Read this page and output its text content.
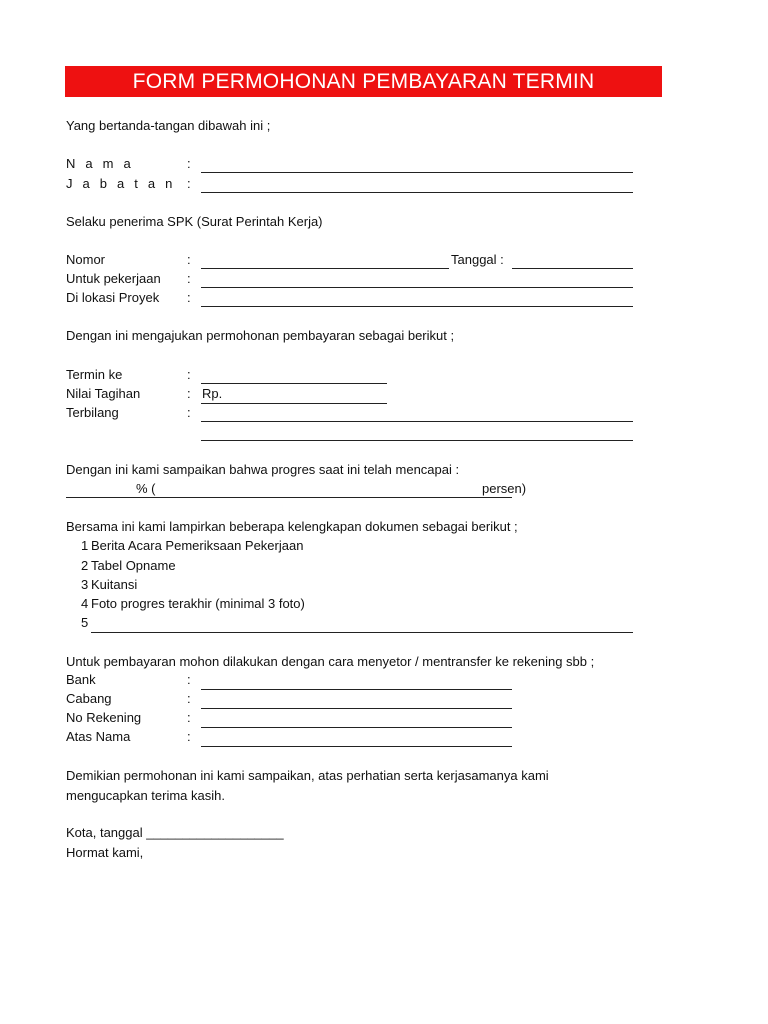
FORM PERMOHONAN PEMBAYARAN TERMIN
Yang bertanda-tangan dibawah ini ;
N a m a	:
J a b a t a n :
Selaku penerima SPK (Surat Perintah Kerja)
Nomor	:	Tanggal :
Untuk pekerjaan :
Di lokasi Proyek :
Dengan ini mengajukan permohonan pembayaran sebagai berikut ;
Termin ke	:
Nilai Tagihan	: Rp.
Terbilang	:
Dengan ini kami sampaikan bahwa progres saat ini telah mencapai :
% (	persen)
Bersama ini kami lampirkan beberapa kelengkapan dokumen sebagai berikut ;
1 Berita Acara Pemeriksaan Pekerjaan
2 Tabel Opname
3 Kuitansi
4 Foto progres terakhir (minimal 3 foto)
5
Untuk pembayaran mohon dilakukan dengan cara menyetor / mentransfer ke rekening sbb ;
Bank	:
Cabang	:
No Rekening	:
Atas Nama	:
Demikian permohonan ini kami sampaikan, atas perhatian serta kerjasamanya kami
mengucapkan terima kasih.
Kota, tanggal ___________________
Hormat kami,
